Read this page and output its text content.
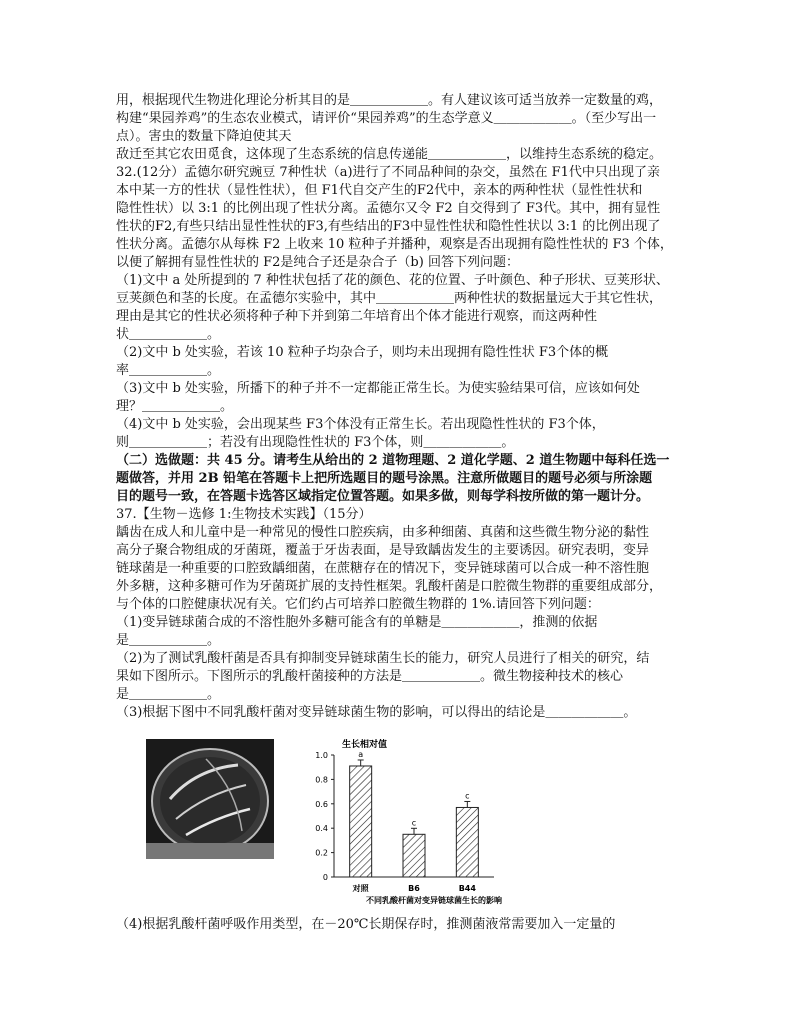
用，根据现代生物进化理论分析其目的是＿＿＿＿＿＿。有人建议该可适当放养一定数量的鸡，
构建“果园养鸡”的生态农业模式，请评价“果园养鸡”的生态学意义＿＿＿＿＿＿。（至少写出一
点）。害虫的数量下降迫使其天
敌迁至其它农田觅食，这体现了生态系统的信息传递能＿＿＿＿＿＿，以维持生态系统的稳定。
32.(12分）孟德尔研究豌豆 7种性状（a)进行了不同品种间的杂交，虽然在 F1代中只出现了亲
本中某一方的性状（显性性状），但 F1代自交产生的F2代中，亲本的两种性状（显性性状和
隐性性状）以 3:1 的比例出现了性状分离。孟德尔又令 F2 自交得到了 F3代。其中，拥有显性
性状的F2,有些只结出显性性状的F3,有些结出的F3中显性性状和隐性性状以 3:1 的比例出现了
性状分离。孟德尔从每株 F2 上收来 10 粒种子并播种，观察是否出现拥有隐性性状的 F3 个体，
以便了解拥有显性性状的 F2是纯合子还是杂合子（b) 回答下列问题：
（1)文中 a 处所提到的 7 种性状包括了花的颜色、花的位置、子叶颜色、种子形状、豆荚形状、
豆荚颜色和茎的长度。在孟德尔实验中，其中＿＿＿＿＿＿两种性状的数据量远大于其它性状，
理由是其它的性状必须将种子种下并到第二年培育出个体才能进行观察，而这两种性
状＿＿＿＿＿＿。
（2)文中 b 处实验，若该 10 粒种子均杂合子，则均未出现拥有隐性性状 F3个体的概
率＿＿＿＿＿＿。
（3)文中 b 处实验，所播下的种子并不一定都能正常生长。为使实验结果可信，应该如何处
理？＿＿＿＿＿＿。
（4)文中 b 处实验，会出现某些 F3个体没有正常生长。若出现隐性性状的 F3个体，
则＿＿＿＿＿＿；若没有出现隐性性状的 F3个体，则＿＿＿＿＿＿。
（二）选做题：共 45 分。请考生从给出的 2 道物理题、2 道化学题、2 道生物题中每科任选一
题做答，并用 2B 铅笔在答题卡上把所选题目的题号涂黑。注意所做题目的题号必须与所涂题
目的题号一致，在答题卡选答区域指定位置答题。如果多做，则每学科按所做的第一题计分。
37.【生物－选修 1:生物技术实践】（15分）
龋齿在成人和儿童中是一种常见的慢性口腔疾病，由多种细菌、真菌和这些微生物分泌的黏性
高分子聚合物组成的牙菌斑，覆盖于牙齿表面，是导致龋齿发生的主要诱因。研究表明，变异
链球菌是一种重要的口腔致龋细菌，在蔗糖存在的情况下，变异链球菌可以合成一种不溶性胞
外多糖，这种多糖可作为牙菌斑扩展的支持性框架。乳酸杆菌是口腔微生物群的重要组成部分，
与个体的口腔健康状况有关。它们约占可培养口腔微生物群的 1%.请回答下列问题：
（1)变异链球菌合成的不溶性胞外多糖可能含有的单糖是＿＿＿＿＿＿，推测的依据
是＿＿＿＿＿＿。
（2)为了测试乳酸杆菌是否具有抑制变异链球菌生长的能力，研究人员进行了相关的研究，结
果如下图所示。下图所示的乳酸杆菌接种的方法是＿＿＿＿＿＿。微生物接种技术的核心
是＿＿＿＿＿＿。
（3)根据下图中不同乳酸杆菌对变异链球菌生物的影响，可以得出的结论是＿＿＿＿＿＿。
生长相对值
0
0.2
0.4
0.6
0.8
1.0	a
对照
c
B6
c
B44
不同乳酸杆菌对变异链球菌生长的影响
（4)根据乳酸杆菌呼吸作用类型，在－20℃长期保存时，推测菌液常需要加入一定量的
